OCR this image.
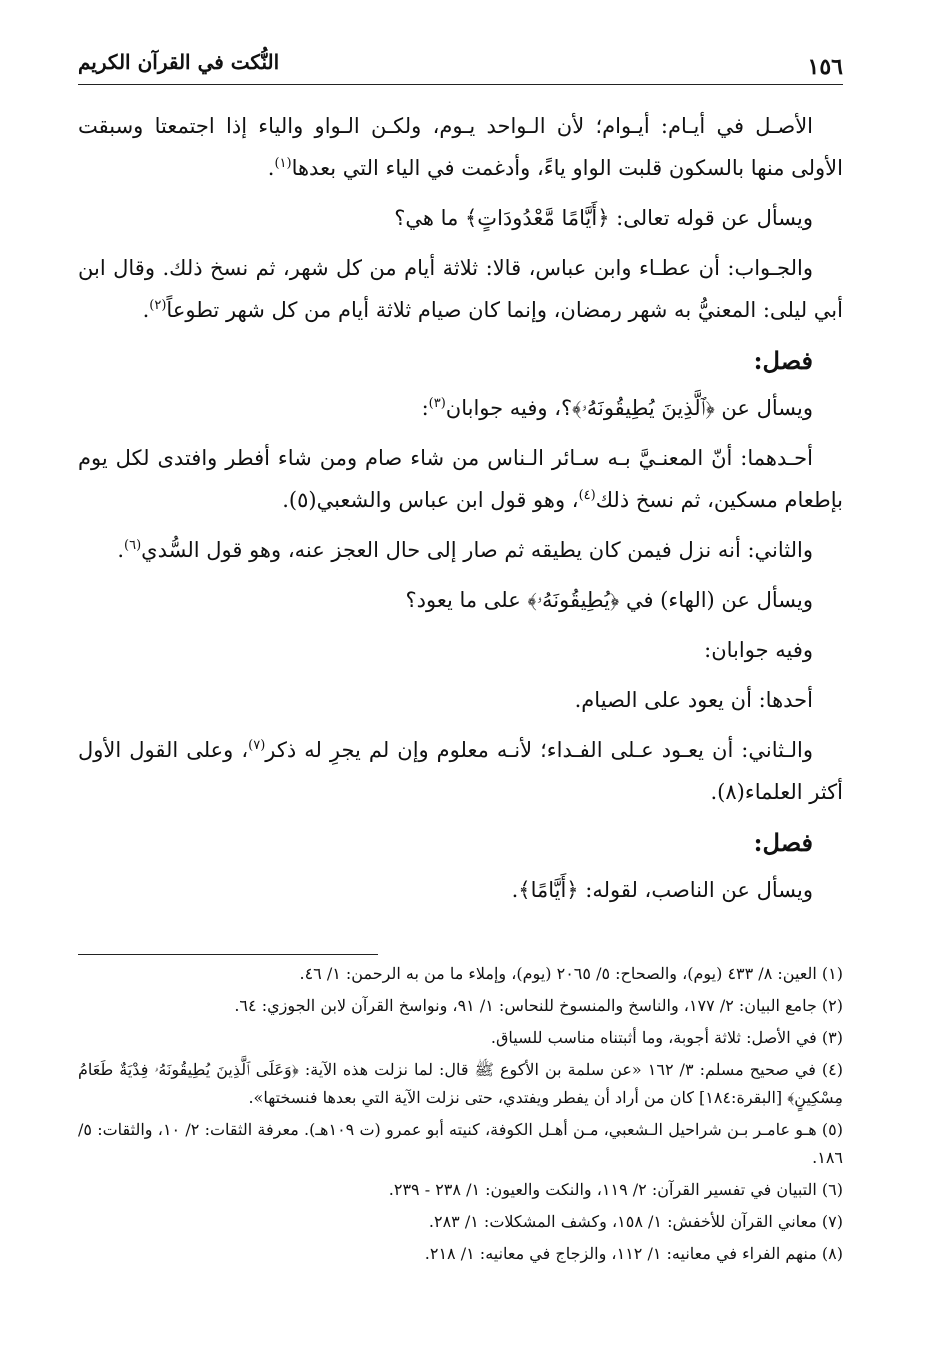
١٥٦
النُّكت في القرآن الكريم

الأصـل في أيـام: أيـوام؛ لأن الـواحد يـوم، ولكـن الـواو والياء إذا اجتمعتا وسبقت الأولى منها بالسكون قلبت الواو ياءً، وأدغمت في الياء التي بعدها$^{(١)}$.

ويسأل عن قوله تعالى: ﴿أَيَّامًا مَّعْدُودَاتٍ﴾ ما هي؟

والجـواب: أن عطـاء وابن عباس، قالا: ثلاثة أيام من كل شهر، ثم نسخ ذلك. وقال ابن أبي ليلى: المعنيُّ به شهر رمضان، وإنما كان صيام ثلاثة أيام من كل شهر تطوعاً$^{(٢)}$.

فصل:

ويسأل عن ﴿ٱلَّذِينَ يُطِيقُونَهُۥ﴾؟، وفيه جوابان$^{(٣)}$:

أحـدهما: أنّ المعنـيَّ بـه سـائر الـناس من شاء صام ومن شاء أفطر وافتدى لكل يوم بإطعام مسكين، ثم نسخ ذلك$^{(٤)}$، وهو قول ابن عباس والشعبي(٥).

والثاني: أنه نزل فيمن كان يطيقه ثم صار إلى حال العجز عنه، وهو قول السُّدي$^{(٦)}$.

ويسأل عن (الهاء) في ﴿يُطِيقُونَهُۥ﴾ على ما يعود؟

وفيه جوابان:

أحدها: أن يعود على الصيام.

والـثاني: أن يعـود عـلى الفـداء؛ لأنـه معلوم وإن لم يجرِ له ذكر$^{(٧)}$، وعلى القول الأول أكثر العلماء(٨).

فصل:

ويسأل عن الناصب، لقوله: ﴿أَيَّامًا﴾.

(١) العين: ٨/ ٤٣٣ (يوم)، والصحاح: ٥/ ٢٠٦٥ (يوم)، وإملاء ما من به الرحمن: ١/ ٤٦.

(٢) جامع البيان: ٢/ ١٧٧، والناسخ والمنسوخ للنحاس: ١/ ٩١، ونواسخ القرآن لابن الجوزي: ٦٤.

(٣) في الأصل: ثلاثة أجوبة، وما أثبتناه مناسب للسياق.

(٤) في صحيح مسلم: ٣/ ١٦٢ «عن سلمة بن الأكوع ﷺ قال: لما نزلت هذه الآية: ﴿وَعَلَى ٱلَّذِينَ يُطِيقُونَهُۥ فِدْيَةٌ طَعَامُ مِسْكِينٍ﴾ [البقرة:١٨٤] كان من أراد أن يفطر ويفتدي، حتى نزلت الآية التي بعدها فنسختها».

(٥) هـو عامـر بـن شراحيل الـشعبي، مـن أهـل الكوفة، كنيته أبو عمرو (ت ١٠٩هـ). معرفة الثقات: ٢/ ١٠، والثقات: ٥/ ١٨٦.

(٦) التبيان في تفسير القرآن: ٢/ ١١٩، والنكت والعيون: ١/ ٢٣٨ - ٢٣٩.

(٧) معاني القرآن للأخفش: ١/ ١٥٨، وكشف المشكلات: ١/ ٢٨٣.

(٨) منهم الفراء في معانيه: ١/ ١١٢، والزجاج في معانيه: ١/ ٢١٨.
